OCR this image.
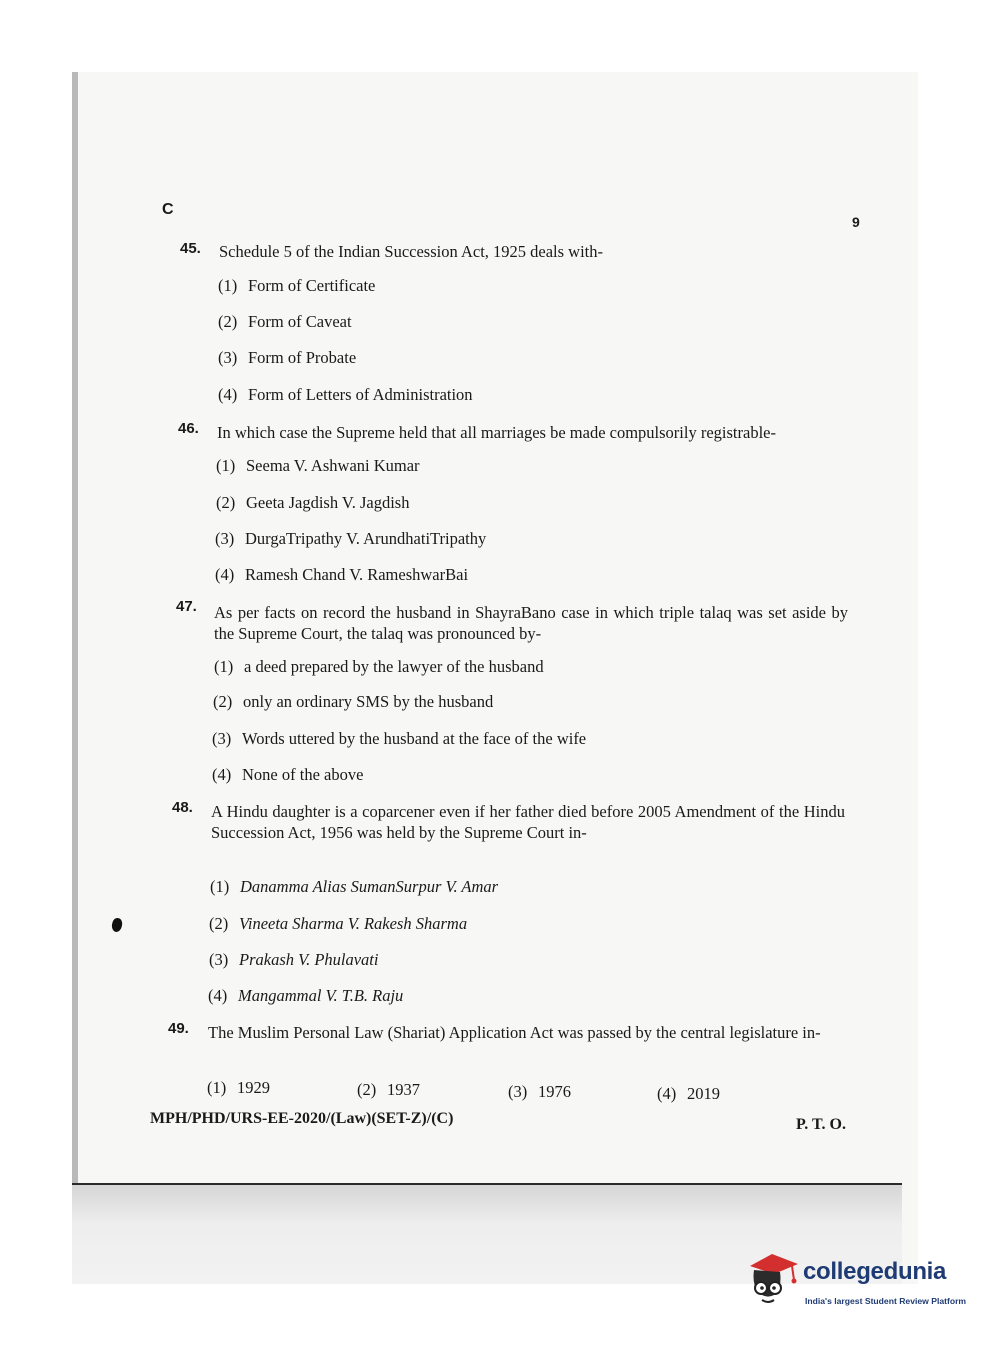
C
9
45. Schedule 5 of the Indian Succession Act, 1925 deals with-
(1) Form of Certificate
(2) Form of Caveat
(3) Form of Probate
(4) Form of Letters of Administration
46. In which case the Supreme held that all marriages be made compulsorily registrable-
(1) Seema V. Ashwani Kumar
(2) Geeta Jagdish V. Jagdish
(3) DurgaTripathy V. ArundhatiTripathy
(4) Ramesh Chand V. RameshwarBai
47. As per facts on record the husband in ShayraBano case in which triple talaq was set aside by the Supreme Court, the talaq was pronounced by-
(1) a deed prepared by the lawyer of the husband
(2) only an ordinary SMS by the husband
(3) Words uttered by the husband at the face of the wife
(4) None of the above
48. A Hindu daughter is a coparcener even if her father died before 2005 Amendment of the Hindu Succession Act, 1956 was held by the Supreme Court in-
(1) Danamma Alias SumanSurpur V. Amar
(2) Vineeta Sharma V. Rakesh Sharma
(3) Prakash V. Phulavati
(4) Mangammal V. T.B. Raju
49. The Muslim Personal Law (Shariat) Application Act was passed by the central legislature in-
(1) 1929	(2) 1937	(3) 1976	(4) 2019
MPH/PHD/URS-EE-2020/(Law)(SET-Z)/(C)	P. T. O.
collegedunia
India's largest Student Review Platform
